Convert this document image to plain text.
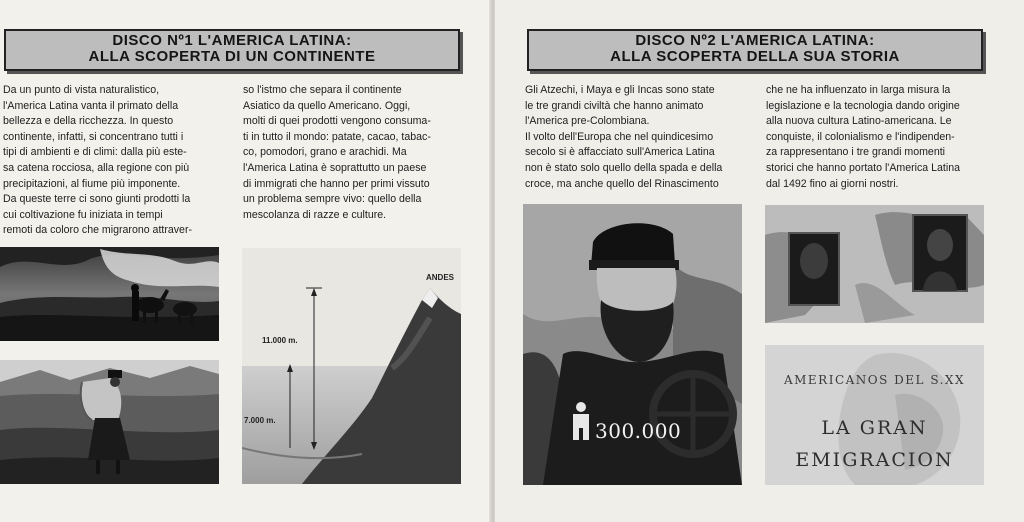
DISCO Nº1 L'AMERICA LATINA:
ALLA SCOPERTA DI UN CONTINENTE
Da un punto di vista naturalistico,
l'America Latina vanta il primato della
bellezza e della ricchezza. In questo
continente, infatti, si concentrano tutti i
tipi di ambienti e di climi: dalla più este-
sa catena rocciosa, alla regione con più
precipitazioni, al fiume più imponente.
Da queste terre ci sono giunti prodotti la
cui coltivazione fu iniziata in tempi
remoti da coloro che migrarono attraver-
so l'istmo che separa il continente
Asiatico da quello Americano. Oggi,
molti di quei prodotti vengono consuma-
ti in tutto il mondo: patate, cacao, tabac-
co, pomodori, grano e arachidi. Ma
l'America Latina è soprattutto un paese
di immigrati che hanno per primi vissuto
un problema sempre vivo: quello della
mescolanza di razze e culture.
ANDES
11.000 m.
7.000 m.
DISCO Nº2 L'AMERICA LATINA:
ALLA SCOPERTA DELLA SUA STORIA
Gli Atzechi, i Maya e gli Incas sono state
le tre grandi civiltà che hanno animato
l'America pre-Colombiana.
Il volto dell'Europa che nel quindicesimo
secolo si è affacciato sull'America Latina
non è stato solo quello della spada e della
croce, ma anche quello del Rinascimento
che ne ha influenzato in larga misura la
legislazione e la tecnologia dando origine
alla nuova cultura Latino-americana. Le
conquiste, il colonialismo e l'indipenden-
za rappresentano i tre grandi momenti
storici che hanno portato l'America Latina
dal 1492 fino ai giorni nostri.
300.000
AMERICANOS DEL S.XX
LA GRAN
EMIGRACION
